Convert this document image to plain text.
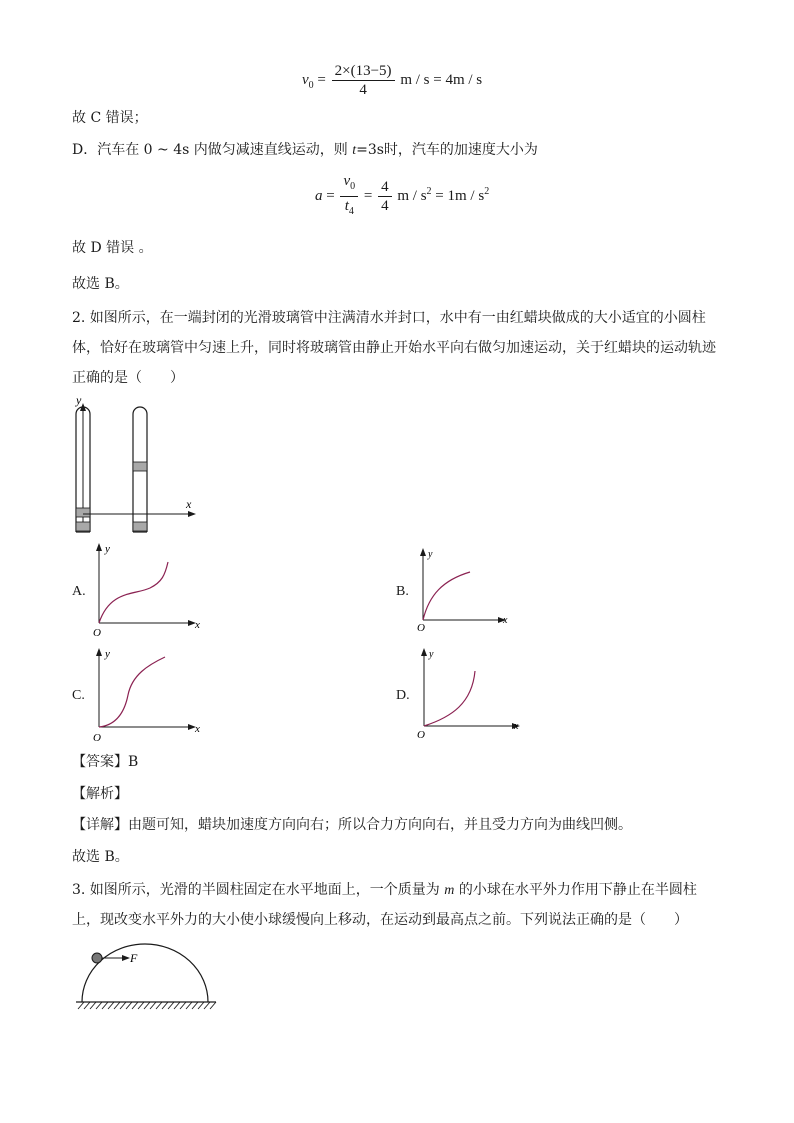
$v_0 = \frac{2\times(13-5)}{4}$ m / s = 4m / s
故 C 错误；
D．汽车在 0 ~ 4s 内做匀减速直线运动，则 t=3s时，汽车的加速度大小为
$a = \frac{v_0}{t_4} = \frac{4}{4}$ $m / s^2 = 1m / s^2$
故 D 错误 。
故选 B。
2. 如图所示，在一端封闭的光滑玻璃管中注满清水并封口，水中有一由红蜡块做成的大小适宜的小圆柱
体，恰好在玻璃管中匀速上升，同时将玻璃管由静止开始水平向右做匀加速运动，关于红蜡块的运动轨迹
正确的是（　　）
y
x
A.
y
x
O
B.
y
x
O
C.
y
x
O
D.
y
x
O
【答案】B
【解析】
【详解】由题可知，蜡块加速度方向向右；所以合力方向向右，并且受力方向为曲线凹侧。
故选 B。
3. 如图所示，光滑的半圆柱固定在水平地面上，一个质量为 m 的小球在水平外力作用下静止在半圆柱
上，现改变水平外力的大小使小球缓慢向上移动，在运动到最高点之前。下列说法正确的是（　　）
F
